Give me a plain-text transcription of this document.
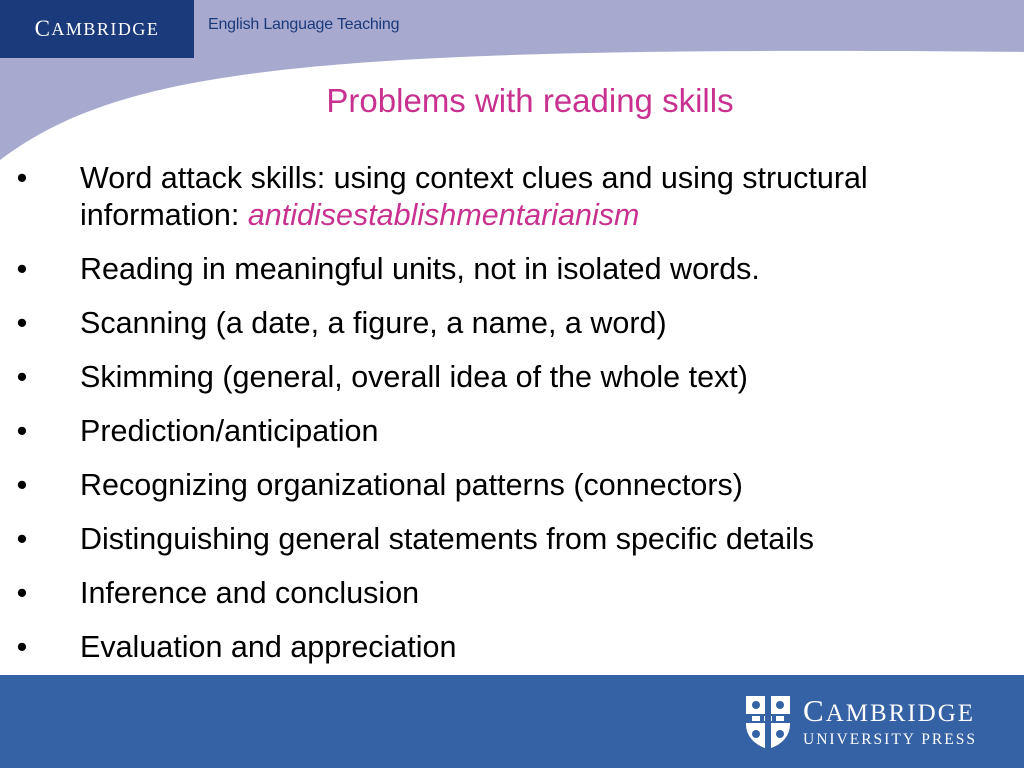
C AMBRIDGE	English Language Teaching
Problems with reading skills
• Word attack skills: using context clues and using structural information: antidisestablishmentarianism
• Reading in meaningful units, not in isolated words.
• Scanning (a date, a figure, a name, a word)
• Skimming (general, overall idea of the whole text)
• Prediction/anticipation
• Recognizing organizational patterns (connectors)
• Distinguishing general statements from specific details
• Inference and conclusion
• Evaluation and appreciation
CAMBRIDGE
UNIVERSITY PRESS
